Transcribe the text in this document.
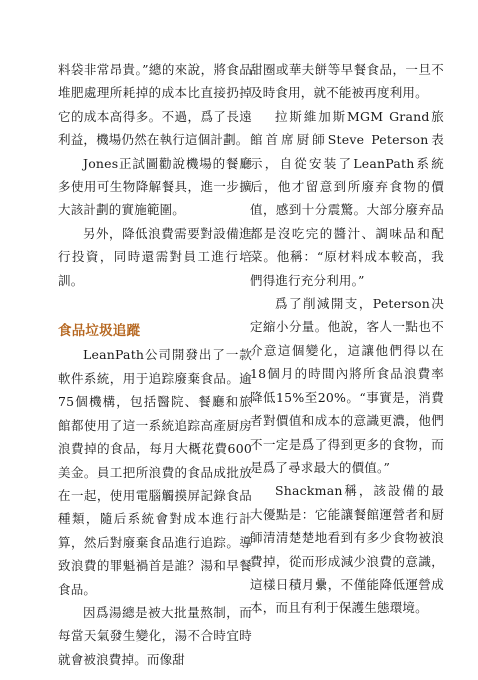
料袋非常昂貴。”總的來說，將食品堆肥處理所耗掉的成本比直接扔掉它的成本高得多。不過，爲了長遠利益，機場仍然在執行這個計劃。

Jones正試圖勸說機場的餐廳多使用可生物降解餐具，進一步擴大該計劃的實施範圍。

另外，降低浪費需要對設備進行投資，同時還需對員工進行培訓。

食品垃圾追蹤

LeanPath公司開發出了一款軟件系統，用于追踪廢棄食品。逾75個機構，包括醫院、餐廳和旅館都使用了這一系統追踪高產厨房浪費掉的食品，每月大概花費600美金。員工把所浪費的食品成批放在一起，使用電腦觸摸屏記錄食品種類，隨后系統會對成本進行計算，然后對廢棄食品進行追踪。導致浪費的罪魁禍首是誰？湯和早餐食品。

因爲湯總是被大批量熬制，而每當天氣發生變化，湯不合時宜時就會被浪費掉。而像甜

甜圈或華夫餅等早餐食品，一旦不及時食用，就不能被再度利用。

拉斯維加斯MGM Grand旅館首席厨師Steve Peterson表示，自從安装了LeanPath系統后，他才留意到所廢弃食物的價值，感到十分震驚。大部分廢弃品都是沒吃完的醬汁、調味品和配菜。他稱：“原材料成本較高，我們得進行充分利用。”

爲了削減開支，Peterson决定縮小分量。他說，客人一點也不介意這個變化，這讓他們得以在18個月的時間內將所食品浪費率降低15%至20%。“事實是，消費者對價值和成本的意識更濃，他們不一定是爲了得到更多的食物，而是爲了尋求最大的價值。”

Shackman稱，該設備的最大優點是：它能讓餐館運營者和厨師清清楚楚地看到有多少食物被浪費掉，從而形成減少浪費的意識，這樣日積月纍，不僅能降低運營成本，而且有利于保護生態環境。
